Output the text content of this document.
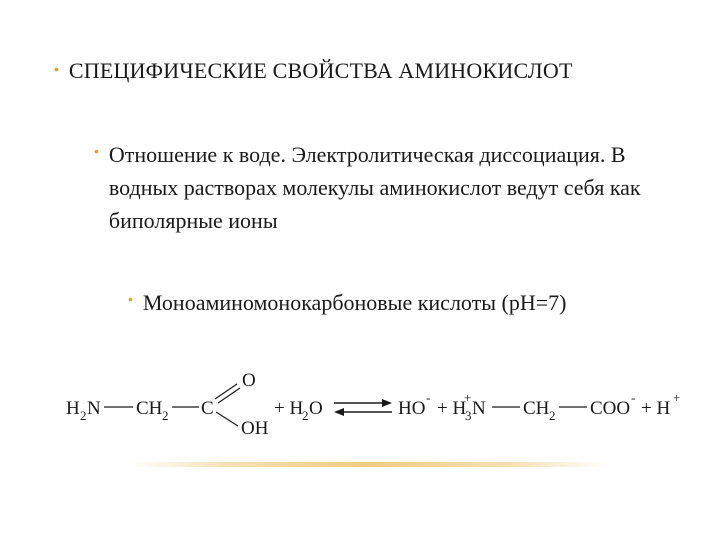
• СПЕЦИФИЧЕСКИЕ СВОЙСТВА АМИНОКИСЛОТ
• Отношение к воде. Электролитическая диссоциация. В водных растворах молекулы аминокислот ведут себя как биполярные ионы
• Моноаминомонокарбоновые кислоты (pH=7)
H 2 N CH 2 C
O
OH
+ H
2 O	HO
-
+ H
3
+
N CH 2 COO
-
+ H
+
